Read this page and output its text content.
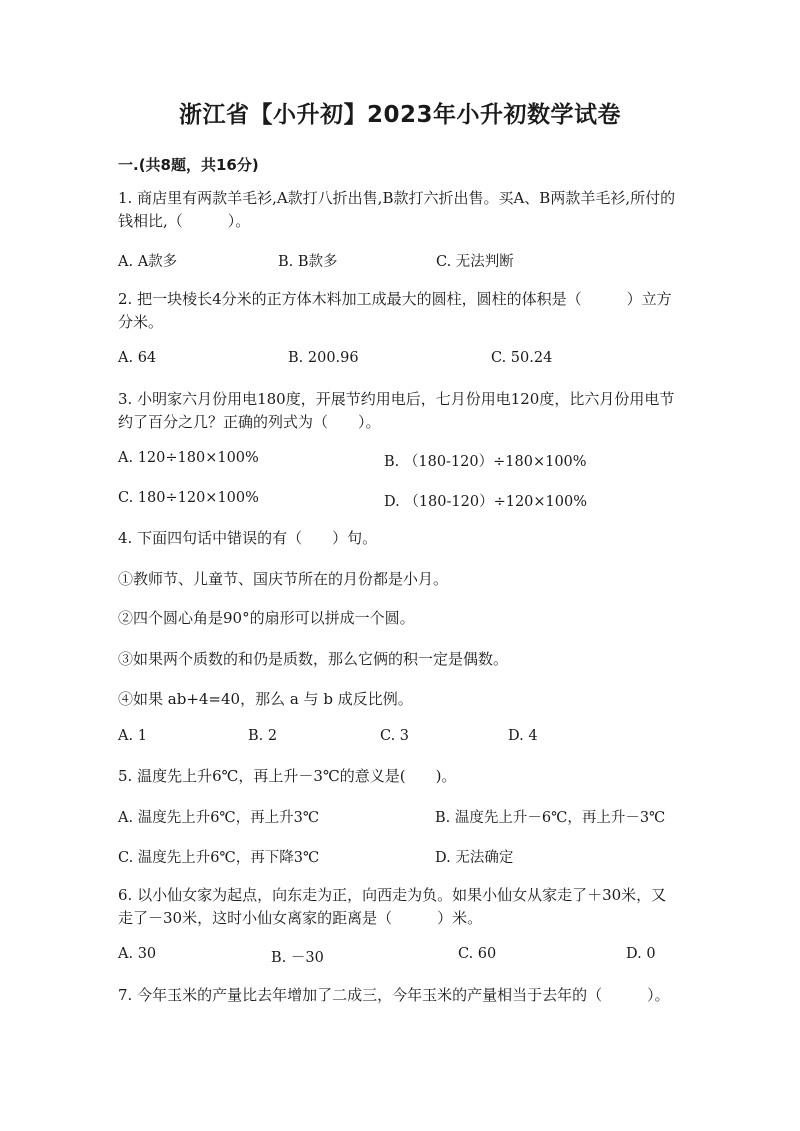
浙江省【小升初】2023年小升初数学试卷
一.(共8题，共16分)
1. 商店里有两款羊毛衫,A款打八折出售,B款打六折出售。买A、B两款羊毛衫,所付的钱相比,（　　　）。
A. A款多	B. B款多	C. 无法判断
2. 把一块棱长4分米的正方体木料加工成最大的圆柱，圆柱的体积是（　　　）立方分米。
A. 64	B. 200.96	C. 50.24
3. 小明家六月份用电180度，开展节约用电后，七月份用电120度，比六月份用电节约了百分之几？正确的列式为（　　）。
A. 120÷180×100%	B. （180-120）÷180×100%
C. 180÷120×100%	D. （180-120）÷120×100%
4. 下面四句话中错误的有（　　）句。
①教师节、儿童节、国庆节所在的月份都是小月。
②四个圆心角是90°的扇形可以拼成一个圆。
③如果两个质数的和仍是质数，那么它俩的积一定是偶数。
④如果 ab+4=40，那么 a 与 b 成反比例。
A. 1	B. 2	C. 3	D. 4
5. 温度先上升6℃，再上升－3℃的意义是(　　)。
A. 温度先上升6℃，再上升3℃	B. 温度先上升－6℃，再上升－3℃
C. 温度先上升6℃，再下降3℃	D. 无法确定
6. 以小仙女家为起点，向东走为正，向西走为负。如果小仙女从家走了＋30米，又走了－30米，这时小仙女离家的距离是（　　　）米。
A. 30	B. －30	C. 60	D. 0
7. 今年玉米的产量比去年增加了二成三，今年玉米的产量相当于去年的（　　　）。
